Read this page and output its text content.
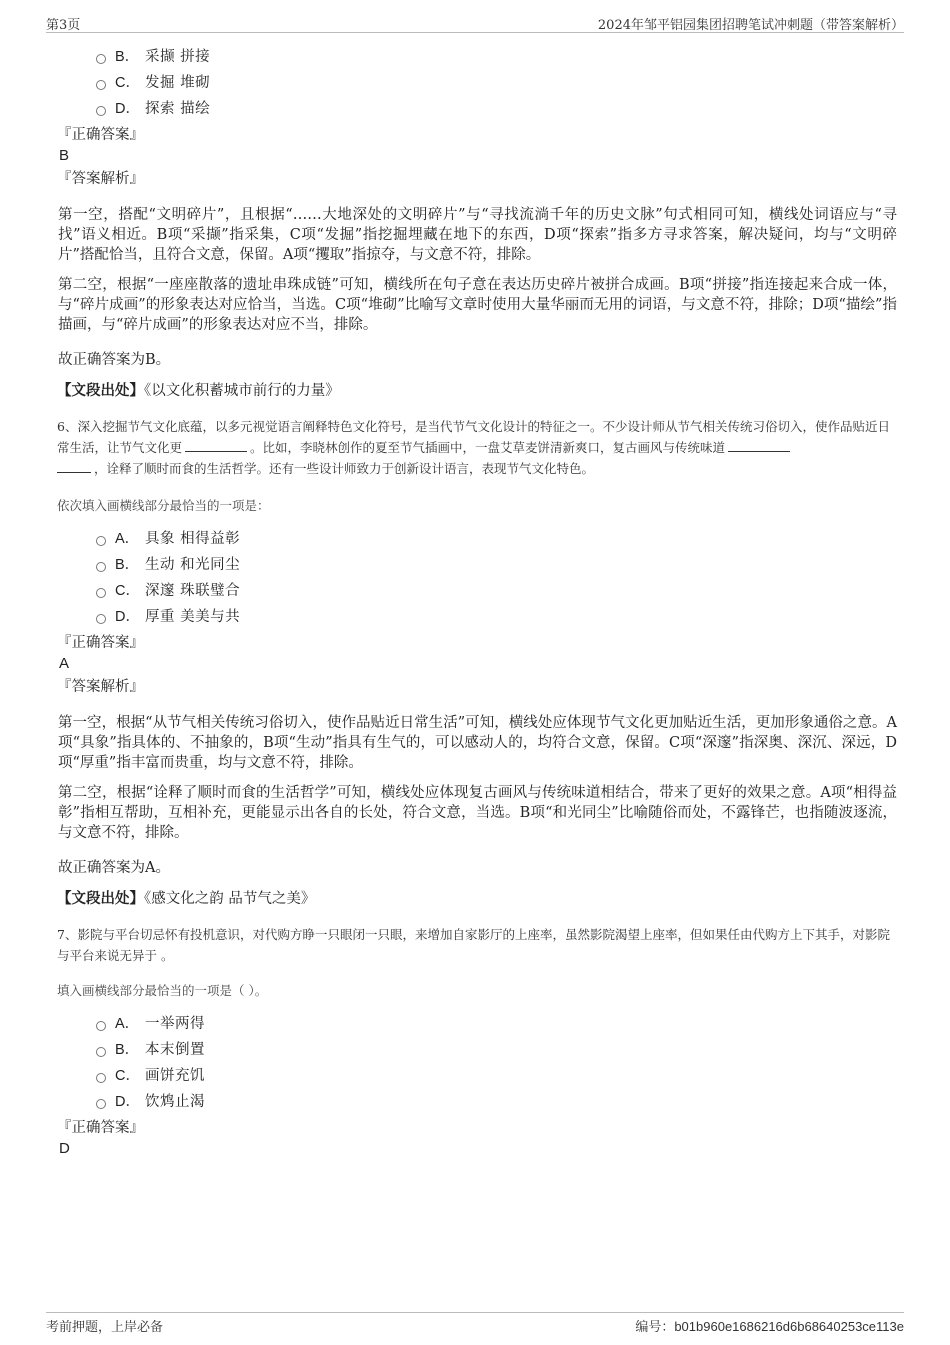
第3页	2024年邹平铝园集团招聘笔试冲刺题（带答案解析）
B． 采撷 拼接
C． 发掘 堆砌
D． 探索 描绘
『正确答案』
B
『答案解析』

第一空，搭配“文明碎片”，且根据“……大地深处的文明碎片”与“寻找流淌千年的历史文脉”句式相同可知，横线处词语应与“寻找”语义相近。B项“采撷”指采集，C项“发掘”指挖掘埋藏在地下的东西，D项“探索”指多方寻求答案，解决疑问，均与“文明碎片”搭配恰当，且符合文意，保留。A项“攫取”指掠夺，与文意不符，排除。

第二空，根据“一座座散落的遗址串珠成链”可知，横线所在句子意在表达历史碎片被拼合成画。B项“拼接”指连接起来合成一体，与“碎片成画”的形象表达对应恰当，当选。C项“堆砌”比喻写文章时使用大量华丽而无用的词语，与文意不符，排除；D项“描绘”指描画，与“碎片成画”的形象表达对应不当，排除。

故正确答案为B。

【文段出处】《以文化积蓄城市前行的力量》
6、深入挖掘节气文化底蕴，以多元视觉语言阐释特色文化符号，是当代节气文化设计的特征之一。不少设计师从节气相关传统习俗切入，使作品贴近日常生活，让节气文化更	。比如，李晓林创作的夏至节气插画中，一盘艾草麦饼清新爽口，复古画风与传统味道
，诠释了顺时而食的生活哲学。还有一些设计师致力于创新设计语言，表现节气文化特色。
依次填入画横线部分最恰当的一项是：
A． 具象 相得益彰
B． 生动 和光同尘
C． 深邃 珠联璧合
D． 厚重 美美与共
『正确答案』
A
『答案解析』

第一空，根据“从节气相关传统习俗切入，使作品贴近日常生活”可知，横线处应体现节气文化更加贴近生活，更加形象通俗之意。A项“具象”指具体的、不抽象的，B项“生动”指具有生气的，可以感动人的，均符合文意，保留。C项“深邃”指深奥、深沉、深远，D项“厚重”指丰富而贵重，均与文意不符，排除。

第二空，根据“诠释了顺时而食的生活哲学”可知，横线处应体现复古画风与传统味道相结合，带来了更好的效果之意。A项“相得益彰”指相互帮助，互相补充，更能显示出各自的长处，符合文意，当选。B项“和光同尘”比喻随俗而处，不露锋芒，也指随波逐流，与文意不符，排除。

故正确答案为A。

【文段出处】《感文化之韵 品节气之美》
7、影院与平台切忌怀有投机意识，对代购方睁一只眼闭一只眼，来增加自家影厅的上座率，虽然影院渴望上座率，但如果任由代购方上下其手，对影院与平台来说无异于 。
填入画横线部分最恰当的一项是（ ）。
A． 一举两得
B． 本末倒置
C． 画饼充饥
D． 饮鸩止渴
『正确答案』
D
考前押题，上岸必备	编号：b01b960e1686216d6b68640253ce113e
